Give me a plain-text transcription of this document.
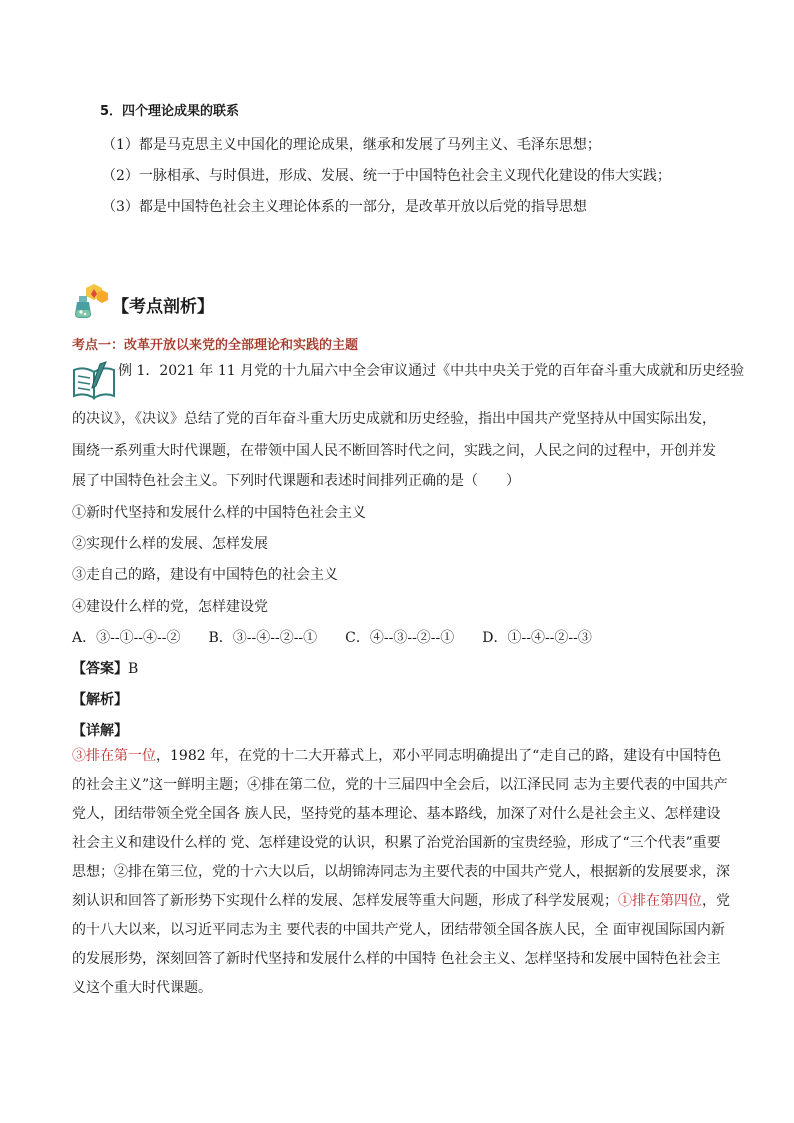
5．四个理论成果的联系
（1）都是马克思主义中国化的理论成果，继承和发展了马列主义、毛泽东思想；
（2）一脉相承、与时俱进，形成、发展、统一于中国特色社会主义现代化建设的伟大实践；
（3）都是中国特色社会主义理论体系的一部分，是改革开放以后党的指导思想
【考点剖析】
考点一：改革开放以来党的全部理论和实践的主题
例 1．2021 年 11 月党的十九届六中全会审议通过《中共中央关于党的百年奋斗重大成就和历史经验
的决议》，《决议》总结了党的百年奋斗重大历史成就和历史经验，指出中国共产党坚持从中国实际出发，
围绕一系列重大时代课题，在带领中国人民不断回答时代之问，实践之问，人民之问的过程中，开创并发
展了中国特色社会主义。下列时代课题和表述时间排列正确的是（　　）
①新时代坚持和发展什么样的中国特色社会主义
②实现什么样的发展、怎样发展
③走自己的路，建设有中国特色的社会主义
④建设什么样的党，怎样建设党
A．③--①--④--②　　B．③--④--②--①　　C．④--③--②--①　　D．①--④--②--③
【答案】B
【解析】
【详解】
③排在第一位，1982 年，在党的十二大开幕式上，邓小平同志明确提出了“走自己的路，建设有中国特色的社会主义”这一鲜明主题；④排在第二位，党的十三届四中全会后，以江泽民同 志为主要代表的中国共产党人，团结带领全党全国各 族人民，坚持党的基本理论、基本路线，加深了对什么是社会主义、怎样建设社会主义和建设什么样的 党、怎样建设党的认识，积累了治党治国新的宝贵经验，形成了“三个代表”重要思想；②排在第三位，党的十六大以后，以胡锦涛同志为主要代表的中国共产党人，根据新的发展要求，深刻认识和回答了新形势下实现什么样的发展、怎样发展等重大问题，形成了科学发展观；①排在第四位，党的十八大以来，以习近平同志为主 要代表的中国共产党人，团结带领全国各族人民，全 面审视国际国内新的发展形势，深刻回答了新时代坚持和发展什么样的中国特 色社会主义、怎样坚持和发展中国特色社会主义这个重大时代课题。
